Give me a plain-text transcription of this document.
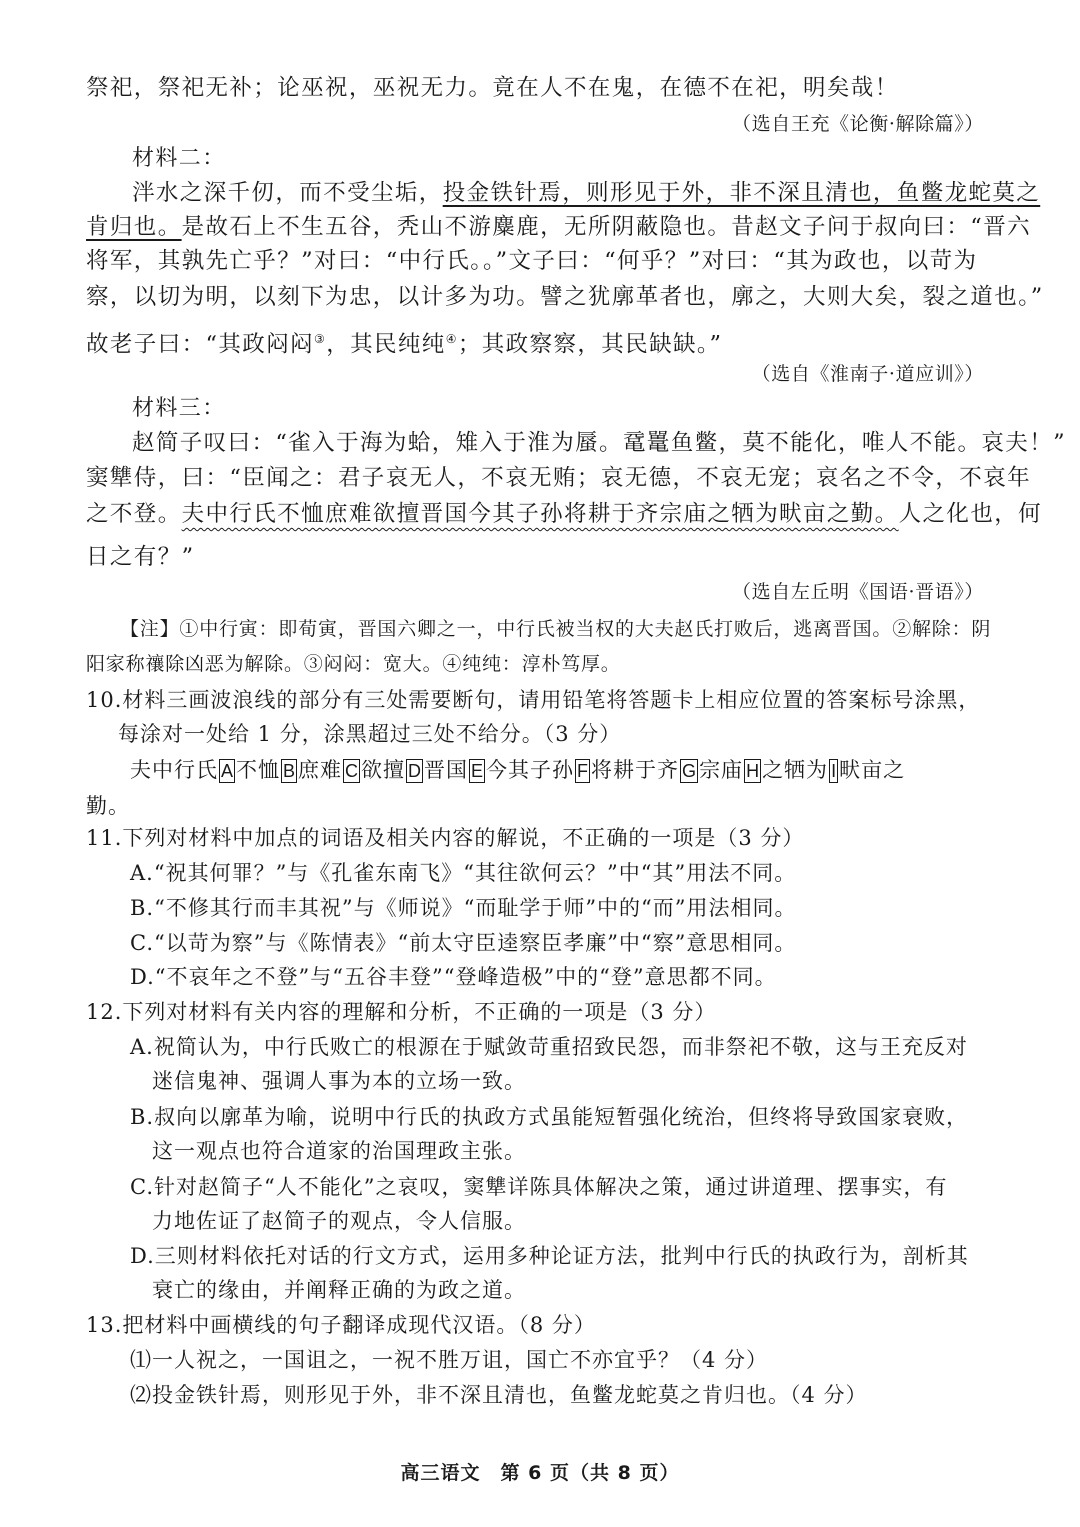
祭祀，祭祀无补；论巫祝，巫祝无力。竟在人不在鬼，在德不在祀，明矣哉！
（选自王充《论衡·解除篇》）
材料二：
泮水之深千仞，而不受尘垢，投金铁针焉，则形见于外，非不深且清也，鱼鳖龙蛇莫之
肯归也。是故石上不生五谷，秃山不游麋鹿，无所阴蔽隐也。昔赵文子问于叔向曰：“晋六
将军，其孰先亡乎？”对曰：“中行氏。。”文子曰：“何乎？”对曰：“其为政也，以苛为
察，以切为明，以刻下为忠，以计多为功。譬之犹廓革者也，廓之，大则大矣，裂之道也。”
故老子曰：“其政闷闷③，其民纯纯④；其政察察，其民缺缺。”
（选自《淮南子·道应训》）
材料三：
赵简子叹曰：“雀入于海为蛤，雉入于淮为蜃。鼋鼍鱼鳖，莫不能化，唯人不能。哀夫！”
窦犨侍，曰：“臣闻之：君子哀无人，不哀无贿；哀无德，不哀无宠；哀名之不令，不哀年
之不登。夫中行氏不恤庶难欲擅晋国今其子孙将耕于齐宗庙之牺为畎亩之勤。人之化也，何
日之有？”
（选自左丘明《国语·晋语》）
【注】①中行寅：即荀寅，晋国六卿之一，中行氏被当权的大夫赵氏打败后，逃离晋国。②解除：阴
阳家称禳除凶恶为解除。③闷闷：宽大。④纯纯：淳朴笃厚。
10.材料三画波浪线的部分有三处需要断句，请用铅笔将答题卡上相应位置的答案标号涂黑，
每涂对一处给 1 分，涂黑超过三处不给分。（3 分）
夫中行氏 A 不恤 B 庶难 C 欲擅 D 晋国 E 今其子孙 F 将耕于齐 G 宗庙 H 之牺为 I 畎亩之
勤。
11.下列对材料中加点的词语及相关内容的解说，不正确的一项是（3 分）
A.“祝其何罪？”与《孔雀东南飞》“其往欲何云？”中“其”用法不同。
B.“不修其行而丰其祝”与《师说》“而耻学于师”中的“而”用法相同。
C.“以苛为察”与《陈情表》“前太守臣逵察臣孝廉”中“察”意思相同。
D.“不哀年之不登”与“五谷丰登”“登峰造极”中的“登”意思都不同。
12.下列对材料有关内容的理解和分析，不正确的一项是（3 分）
A.祝简认为，中行氏败亡的根源在于赋敛苛重招致民怨，而非祭祀不敬，这与王充反对
迷信鬼神、强调人事为本的立场一致。
B.叔向以廓革为喻，说明中行氏的执政方式虽能短暂强化统治，但终将导致国家衰败，
这一观点也符合道家的治国理政主张。
C.针对赵简子“人不能化”之哀叹，窦犨详陈具体解决之策，通过讲道理、摆事实，有
力地佐证了赵简子的观点，令人信服。
D.三则材料依托对话的行文方式，运用多种论证方法，批判中行氏的执政行为，剖析其
衰亡的缘由，并阐释正确的为政之道。
13.把材料中画横线的句子翻译成现代汉语。（8 分）
⑴一人祝之，一国诅之，一祝不胜万诅，国亡不亦宜乎？（4 分）
⑵投金铁针焉，则形见于外，非不深且清也，鱼鳖龙蛇莫之肯归也。（4 分）
高三语文　第 6 页（共 8 页）
